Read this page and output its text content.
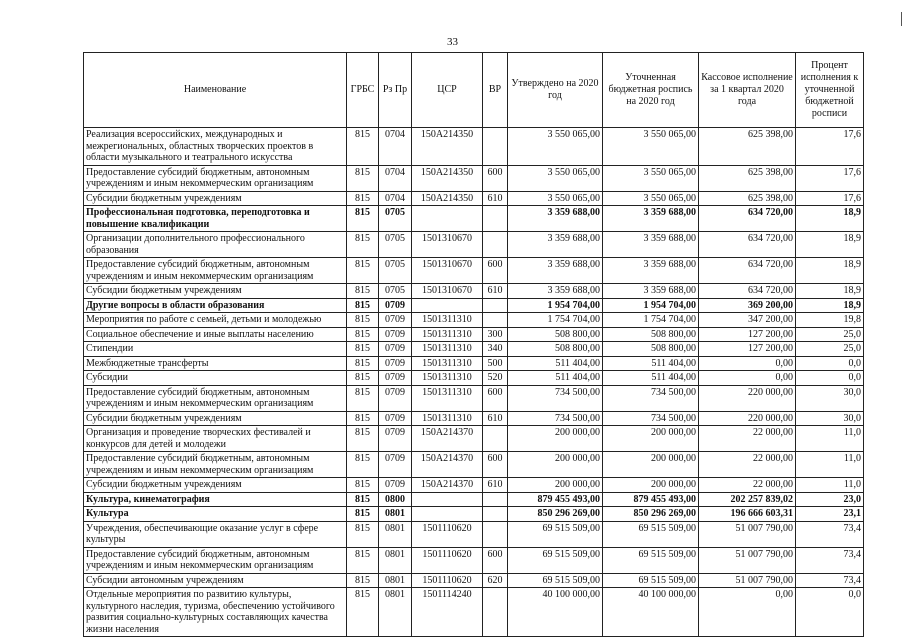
33
Наименование	ГРБС	Рз Пр	ЦСР	ВР	Утверждено на 2020 год	Уточненная бюджетная роспись на 2020 год	Кассовое исполнение за 1 квартал 2020 года	Процент исполнения к уточненной бюджетной росписи
Реализация всероссийских, международных и межрегиональных, областных творческих проектов в области музыкального и театрального искусства	815	0704	150A214350		3 550 065,00	3 550 065,00	625 398,00	17,6
Предоставление субсидий бюджетным, автономным учреждениям и иным некоммерческим организациям	815	0704	150A214350	600	3 550 065,00	3 550 065,00	625 398,00	17,6
Субсидии бюджетным учреждениям	815	0704	150A214350	610	3 550 065,00	3 550 065,00	625 398,00	17,6
Профессиональная подготовка, переподготовка и повышение квалификации	815	0705			3 359 688,00	3 359 688,00	634 720,00	18,9
Организации дополнительного профессионального образования	815	0705	1501310670		3 359 688,00	3 359 688,00	634 720,00	18,9
Предоставление субсидий бюджетным, автономным учреждениям и иным некоммерческим организациям	815	0705	1501310670	600	3 359 688,00	3 359 688,00	634 720,00	18,9
Субсидии бюджетным учреждениям	815	0705	1501310670	610	3 359 688,00	3 359 688,00	634 720,00	18,9
Другие вопросы в области образования	815	0709			1 954 704,00	1 954 704,00	369 200,00	18,9
Мероприятия по работе с семьей, детьми и молодежью	815	0709	1501311310		1 754 704,00	1 754 704,00	347 200,00	19,8
Социальное обеспечение и иные выплаты населению	815	0709	1501311310	300	508 800,00	508 800,00	127 200,00	25,0
Стипендии	815	0709	1501311310	340	508 800,00	508 800,00	127 200,00	25,0
Межбюджетные трансферты	815	0709	1501311310	500	511 404,00	511 404,00	0,00	0,0
Субсидии	815	0709	1501311310	520	511 404,00	511 404,00	0,00	0,0
Предоставление субсидий бюджетным, автономным учреждениям и иным некоммерческим организациям	815	0709	1501311310	600	734 500,00	734 500,00	220 000,00	30,0
Субсидии бюджетным учреждениям	815	0709	1501311310	610	734 500,00	734 500,00	220 000,00	30,0
Организация и проведение творческих фестивалей и конкурсов для детей и молодежи	815	0709	150A214370		200 000,00	200 000,00	22 000,00	11,0
Предоставление субсидий бюджетным, автономным учреждениям и иным некоммерческим организациям	815	0709	150A214370	600	200 000,00	200 000,00	22 000,00	11,0
Субсидии бюджетным учреждениям	815	0709	150A214370	610	200 000,00	200 000,00	22 000,00	11,0
Культура, кинематография	815	0800			879 455 493,00	879 455 493,00	202 257 839,02	23,0
Культура	815	0801			850 296 269,00	850 296 269,00	196 666 603,31	23,1
Учреждения, обеспечивающие оказание услуг в сфере культуры	815	0801	1501110620		69 515 509,00	69 515 509,00	51 007 790,00	73,4
Предоставление субсидий бюджетным, автономным учреждениям и иным некоммерческим организациям	815	0801	1501110620	600	69 515 509,00	69 515 509,00	51 007 790,00	73,4
Субсидии автономным учреждениям	815	0801	1501110620	620	69 515 509,00	69 515 509,00	51 007 790,00	73,4
Отдельные мероприятия по развитию культуры, культурного наследия, туризма, обеспечению устойчивого развития социально-культурных составляющих качества жизни населения	815	0801	1501114240		40 100 000,00	40 100 000,00	0,00	0,0
